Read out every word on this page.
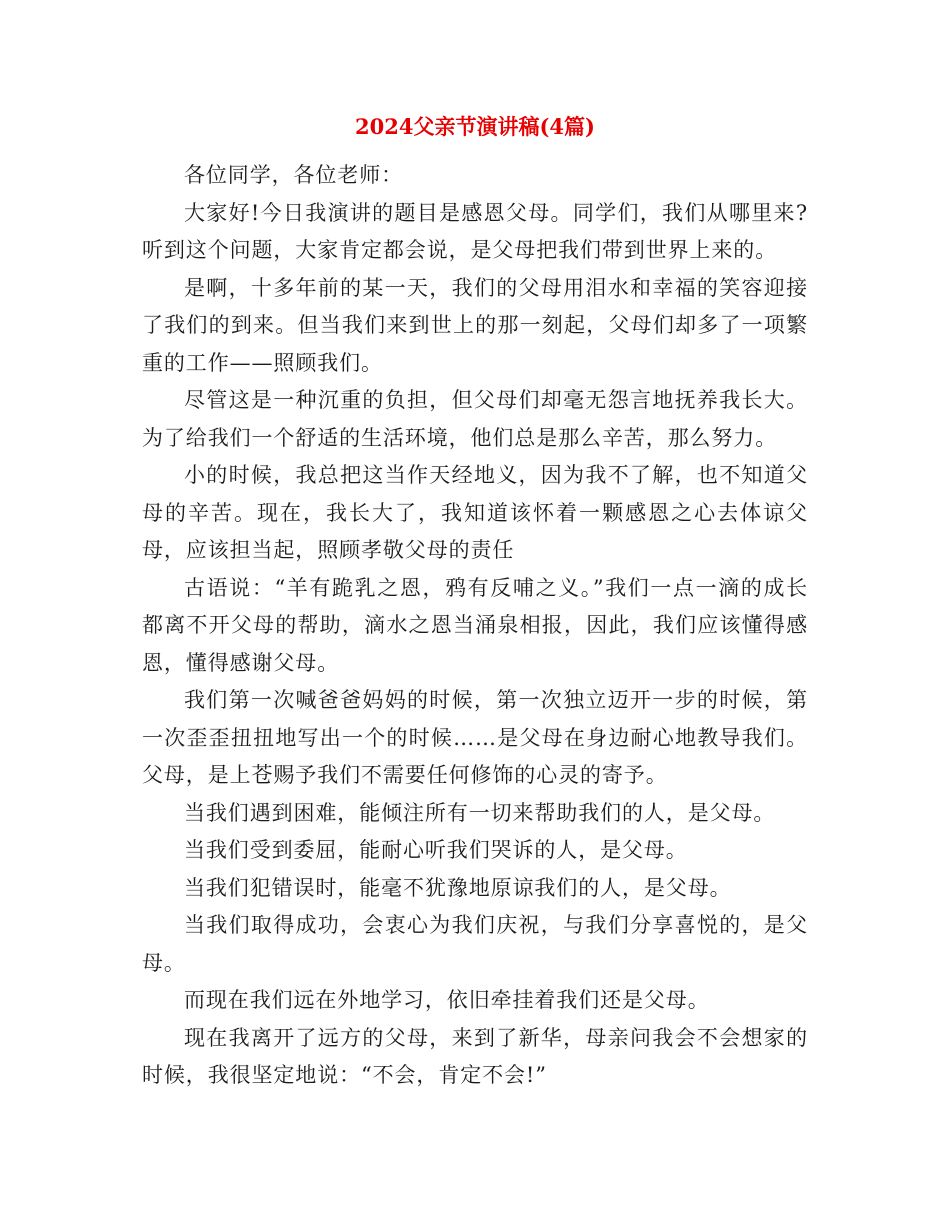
2024父亲节演讲稿(4篇)

各位同学，各位老师：

大家好!今日我演讲的题目是感恩父母。同学们，我们从哪里来?听到这个问题，大家肯定都会说，是父母把我们带到世界上来的。

是啊，十多年前的某一天，我们的父母用泪水和幸福的笑容迎接了我们的到来。但当我们来到世上的那一刻起，父母们却多了一项繁重的工作——照顾我们。

尽管这是一种沉重的负担，但父母们却毫无怨言地抚养我长大。为了给我们一个舒适的生活环境，他们总是那么辛苦，那么努力。

小的时候，我总把这当作天经地义，因为我不了解，也不知道父母的辛苦。现在，我长大了，我知道该怀着一颗感恩之心去体谅父母，应该担当起，照顾孝敬父母的责任

古语说：“羊有跪乳之恩，鸦有反哺之义。”我们一点一滴的成长都离不开父母的帮助，滴水之恩当涌泉相报，因此，我们应该懂得感恩，懂得感谢父母。

我们第一次喊爸爸妈妈的时候，第一次独立迈开一步的时候，第一次歪歪扭扭地写出一个的时候……是父母在身边耐心地教导我们。父母，是上苍赐予我们不需要任何修饰的心灵的寄予。

当我们遇到困难，能倾注所有一切来帮助我们的人，是父母。

当我们受到委屈，能耐心听我们哭诉的人，是父母。

当我们犯错误时，能毫不犹豫地原谅我们的人，是父母。

当我们取得成功，会衷心为我们庆祝，与我们分享喜悦的，是父母。

而现在我们远在外地学习，依旧牵挂着我们还是父母。

现在我离开了远方的父母，来到了新华，母亲问我会不会想家的时候，我很坚定地说：“不会，肯定不会!”
